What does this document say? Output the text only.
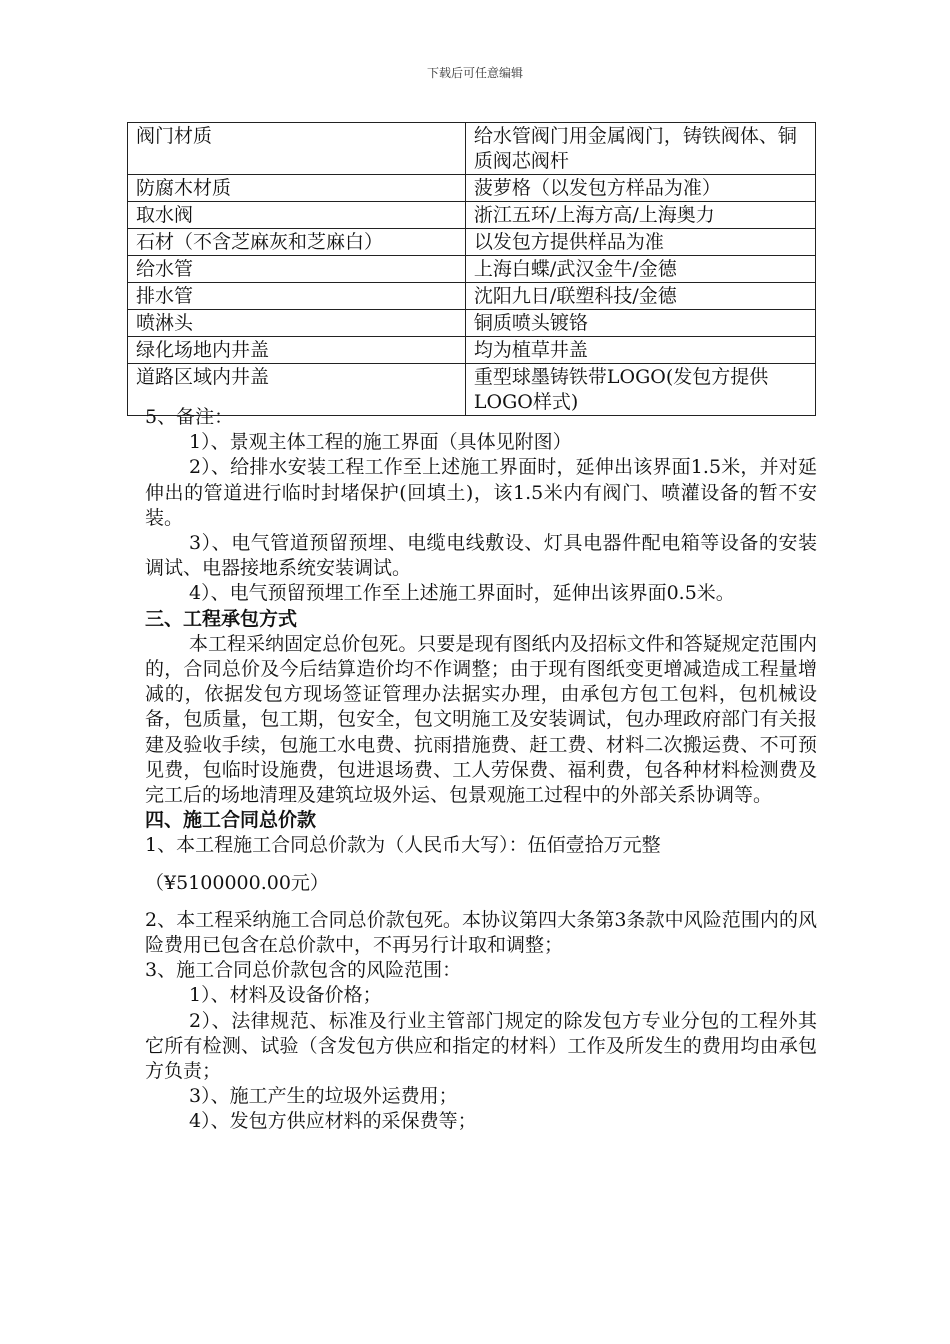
下载后可任意编辑
阀门材质	给水管阀门用金属阀门，铸铁阀体、铜质阀芯阀杆
防腐木材质	菠萝格（以发包方样品为准）
取水阀	浙江五环/上海方高/上海奥力
石材（不含芝麻灰和芝麻白）	以发包方提供样品为准
给水管	上海白蝶/武汉金牛/金德
排水管	沈阳九日/联塑科技/金德
喷淋头	铜质喷头镀铬
绿化场地内井盖	均为植草井盖
道路区域内井盖	重型球墨铸铁带LOGO(发包方提供LOGO样式)

5、备注：

1）、景观主体工程的施工界面（具体见附图）

2）、给排水安装工程工作至上述施工界面时，延伸出该界面1.5米，并对延伸出的管道进行临时封堵保护(回填土)，该1.5米内有阀门、喷灌设备的暂不安装。

3）、电气管道预留预埋、电缆电线敷设、灯具电器件配电箱等设备的安装调试、电器接地系统安装调试。

4）、电气预留预埋工作至上述施工界面时，延伸出该界面0.5米。

三、工程承包方式

本工程采纳固定总价包死。只要是现有图纸内及招标文件和答疑规定范围内的，合同总价及今后结算造价均不作调整；由于现有图纸变更增减造成工程量增减的，依据发包方现场签证管理办法据实办理，由承包方包工包料，包机械设备，包质量，包工期，包安全，包文明施工及安装调试，包办理政府部门有关报建及验收手续，包施工水电费、抗雨措施费、赶工费、材料二次搬运费、不可预见费，包临时设施费，包进退场费、工人劳保费、福利费，包各种材料检测费及完工后的场地清理及建筑垃圾外运、包景观施工过程中的外部关系协调等。

四、施工合同总价款

1、本工程施工合同总价款为（人民币大写）：伍佰壹拾万元整

（¥5100000.00元）

2、本工程采纳施工合同总价款包死。本协议第四大条第3条款中风险范围内的风险费用已包含在总价款中，不再另行计取和调整；

3、施工合同总价款包含的风险范围：

1）、材料及设备价格；

2）、法律规范、标准及行业主管部门规定的除发包方专业分包的工程外其它所有检测、试验（含发包方供应和指定的材料）工作及所发生的费用均由承包方负责；

3）、施工产生的垃圾外运费用；

4）、发包方供应材料的采保费等；
